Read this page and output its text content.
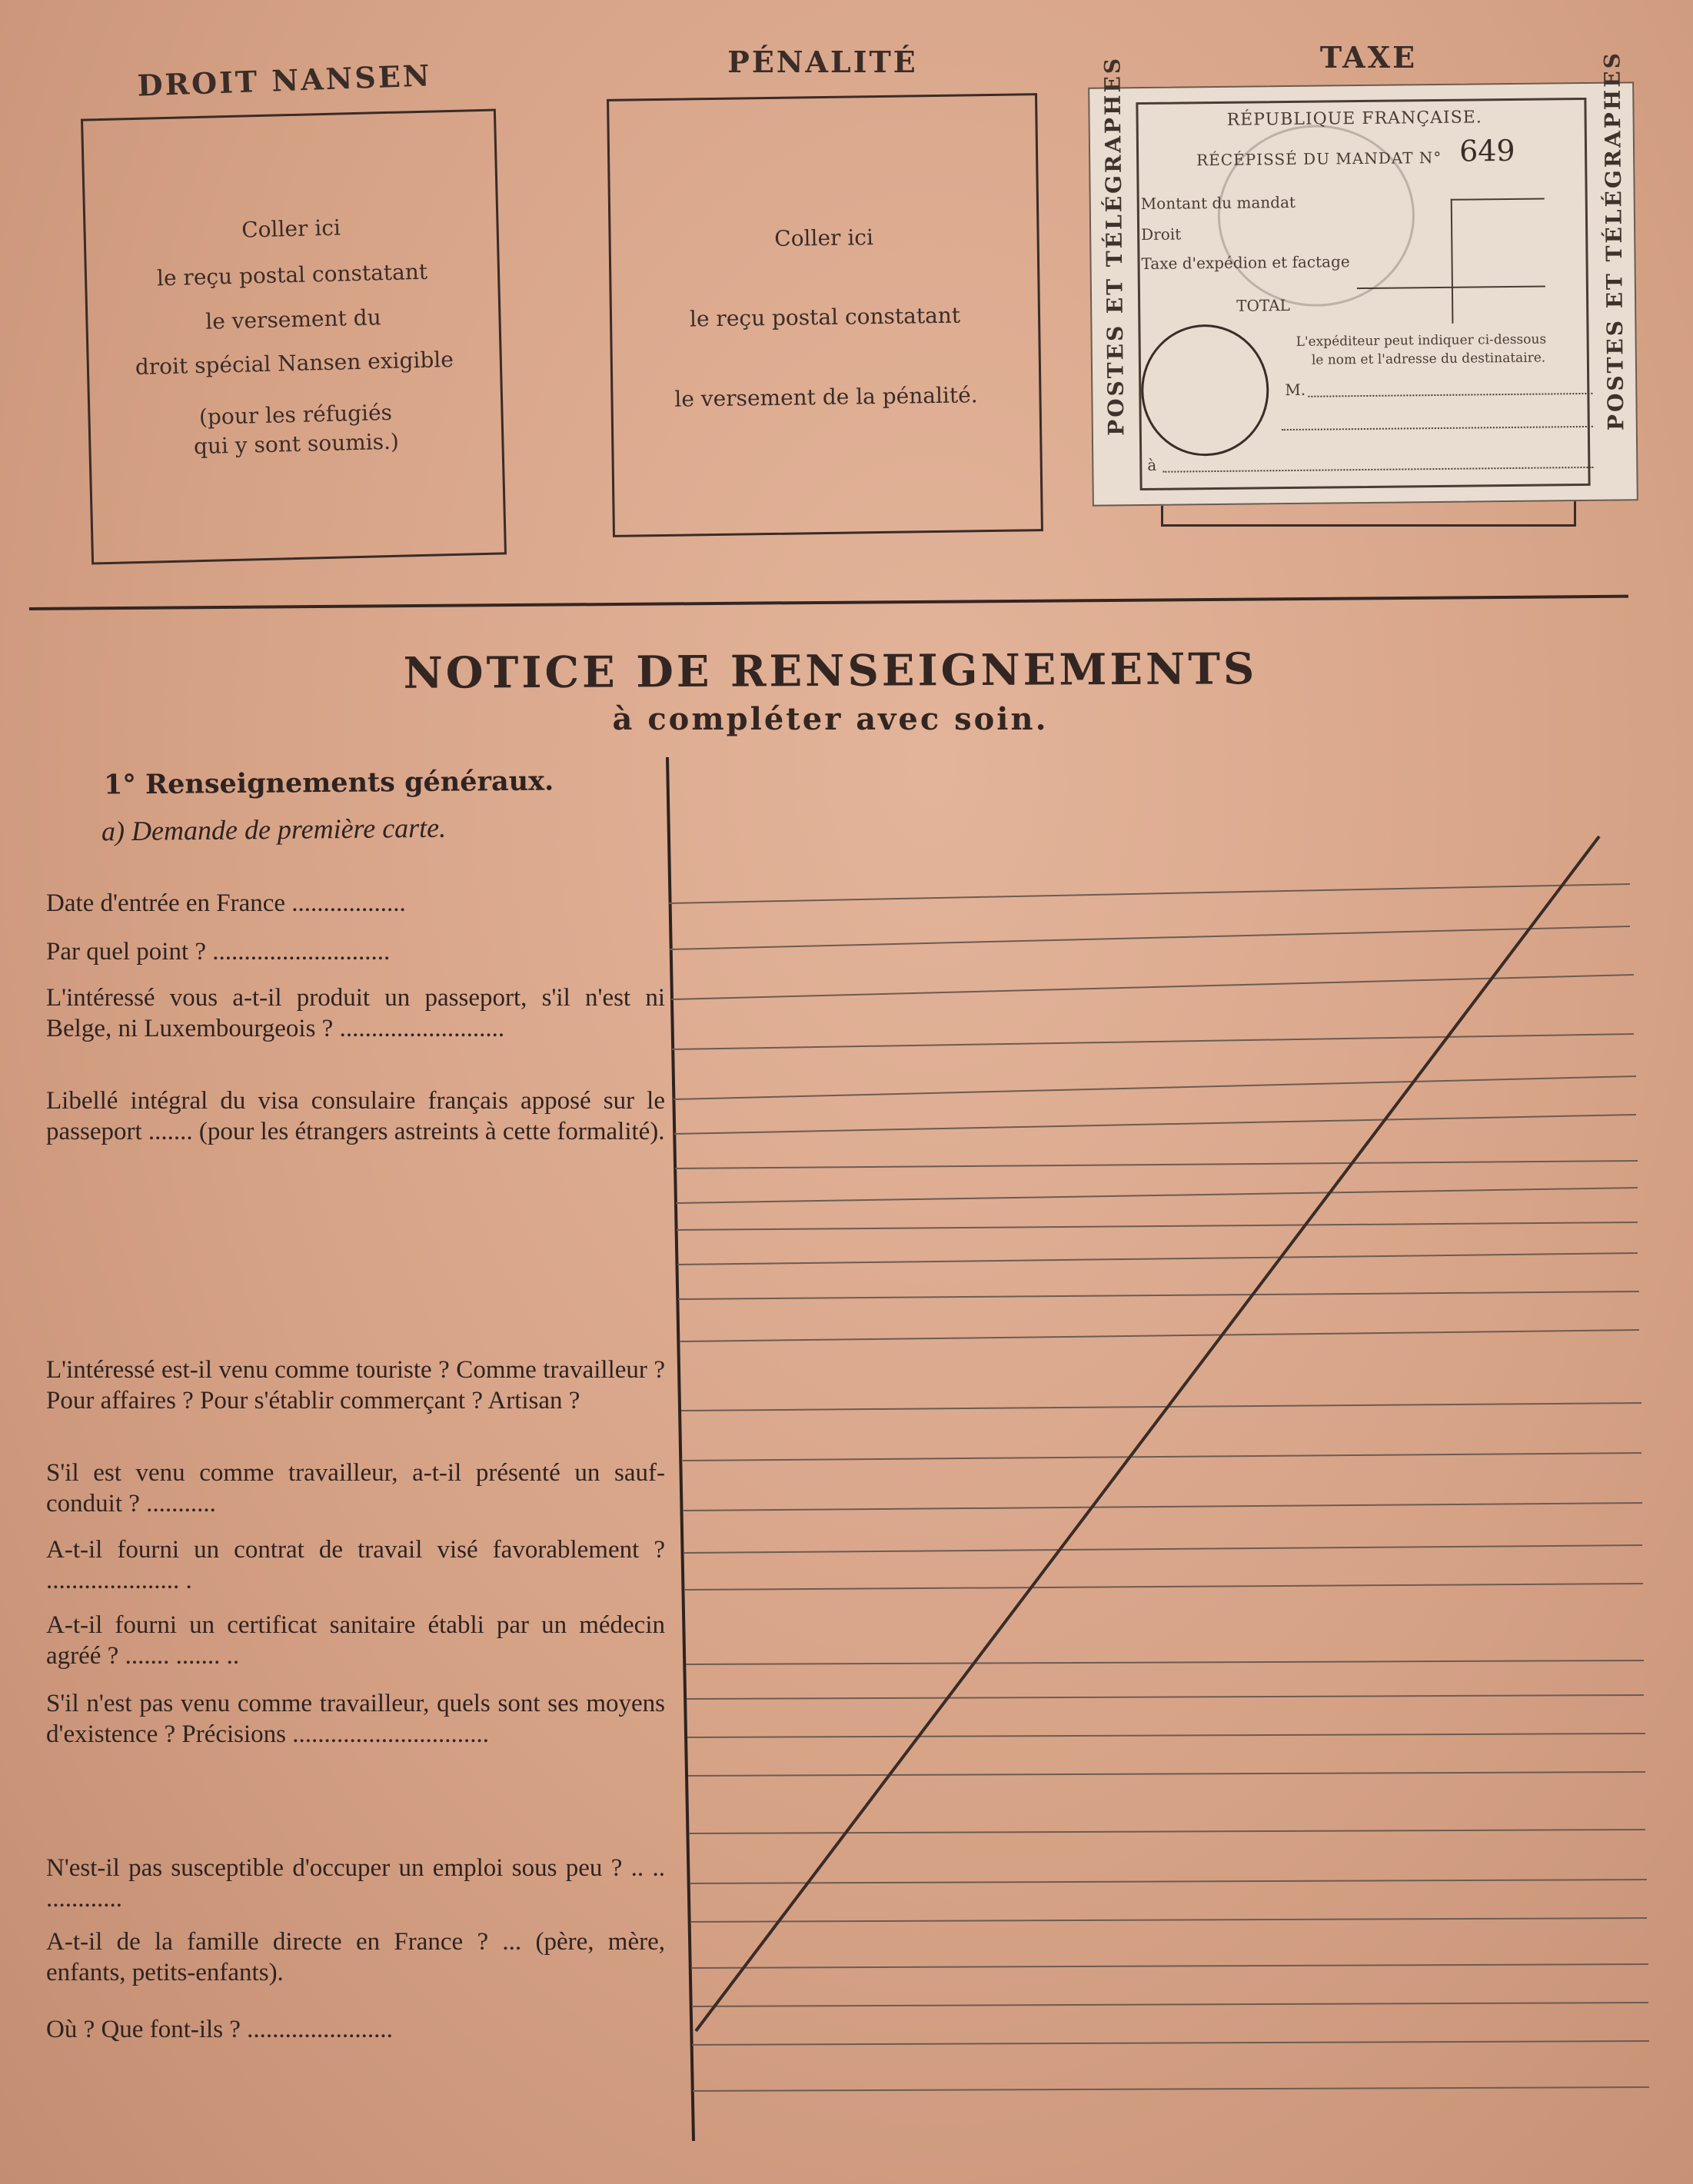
DROIT NANSEN
Coller ici
le reçu postal constatant
le versement du
droit spécial Nansen exigible
(pour les réfugiés
qui y sont soumis.)
PÉNALITÉ
Coller ici
le reçu postal constatant
le versement de la pénalité.
TAXE
POSTES ET TÉLÉGRAPHES	POSTES ET TÉLÉGRAPHES
RÉPUBLIQUE FRANÇAISE.
RÉCÉPISSÉ DU MANDAT N° 649
Montant du mandat
Droit
Taxe d'expédion et factage
TOTAL
L'expéditeur peut indiquer ci-dessous
le nom et l'adresse du destinataire.
M.
à
NOTICE DE RENSEIGNEMENTS
à compléter avec soin.
1° Renseignements généraux.
a) Demande de première carte.
Date d'entrée en France ..................
Par quel point ? ............................
L'intéressé vous a-t-il produit un passeport, s'il n'est ni Belge, ni Luxembourgeois ? ..........................
Libellé intégral du visa consulaire français apposé sur le passeport ....... (pour les étrangers astreints à cette formalité).
L'intéressé est-il venu comme touriste ? Comme travailleur ? Pour affaires ? Pour s'établir commerçant ? Artisan ?
S'il est venu comme travailleur, a-t-il présenté un sauf-conduit ? ...........
A-t-il fourni un contrat de travail visé favorablement ? ..................... .
A-t-il fourni un certificat sanitaire établi par un médecin agréé ? ....... ....... ..
S'il n'est pas venu comme travailleur, quels sont ses moyens d'existence ? Précisions ...............................
N'est-il pas susceptible d'occuper un emploi sous peu ? .. .. ............
A-t-il de la famille directe en France ? ... (père, mère, enfants, petits-enfants).
Où ? Que font-ils ? .......................
